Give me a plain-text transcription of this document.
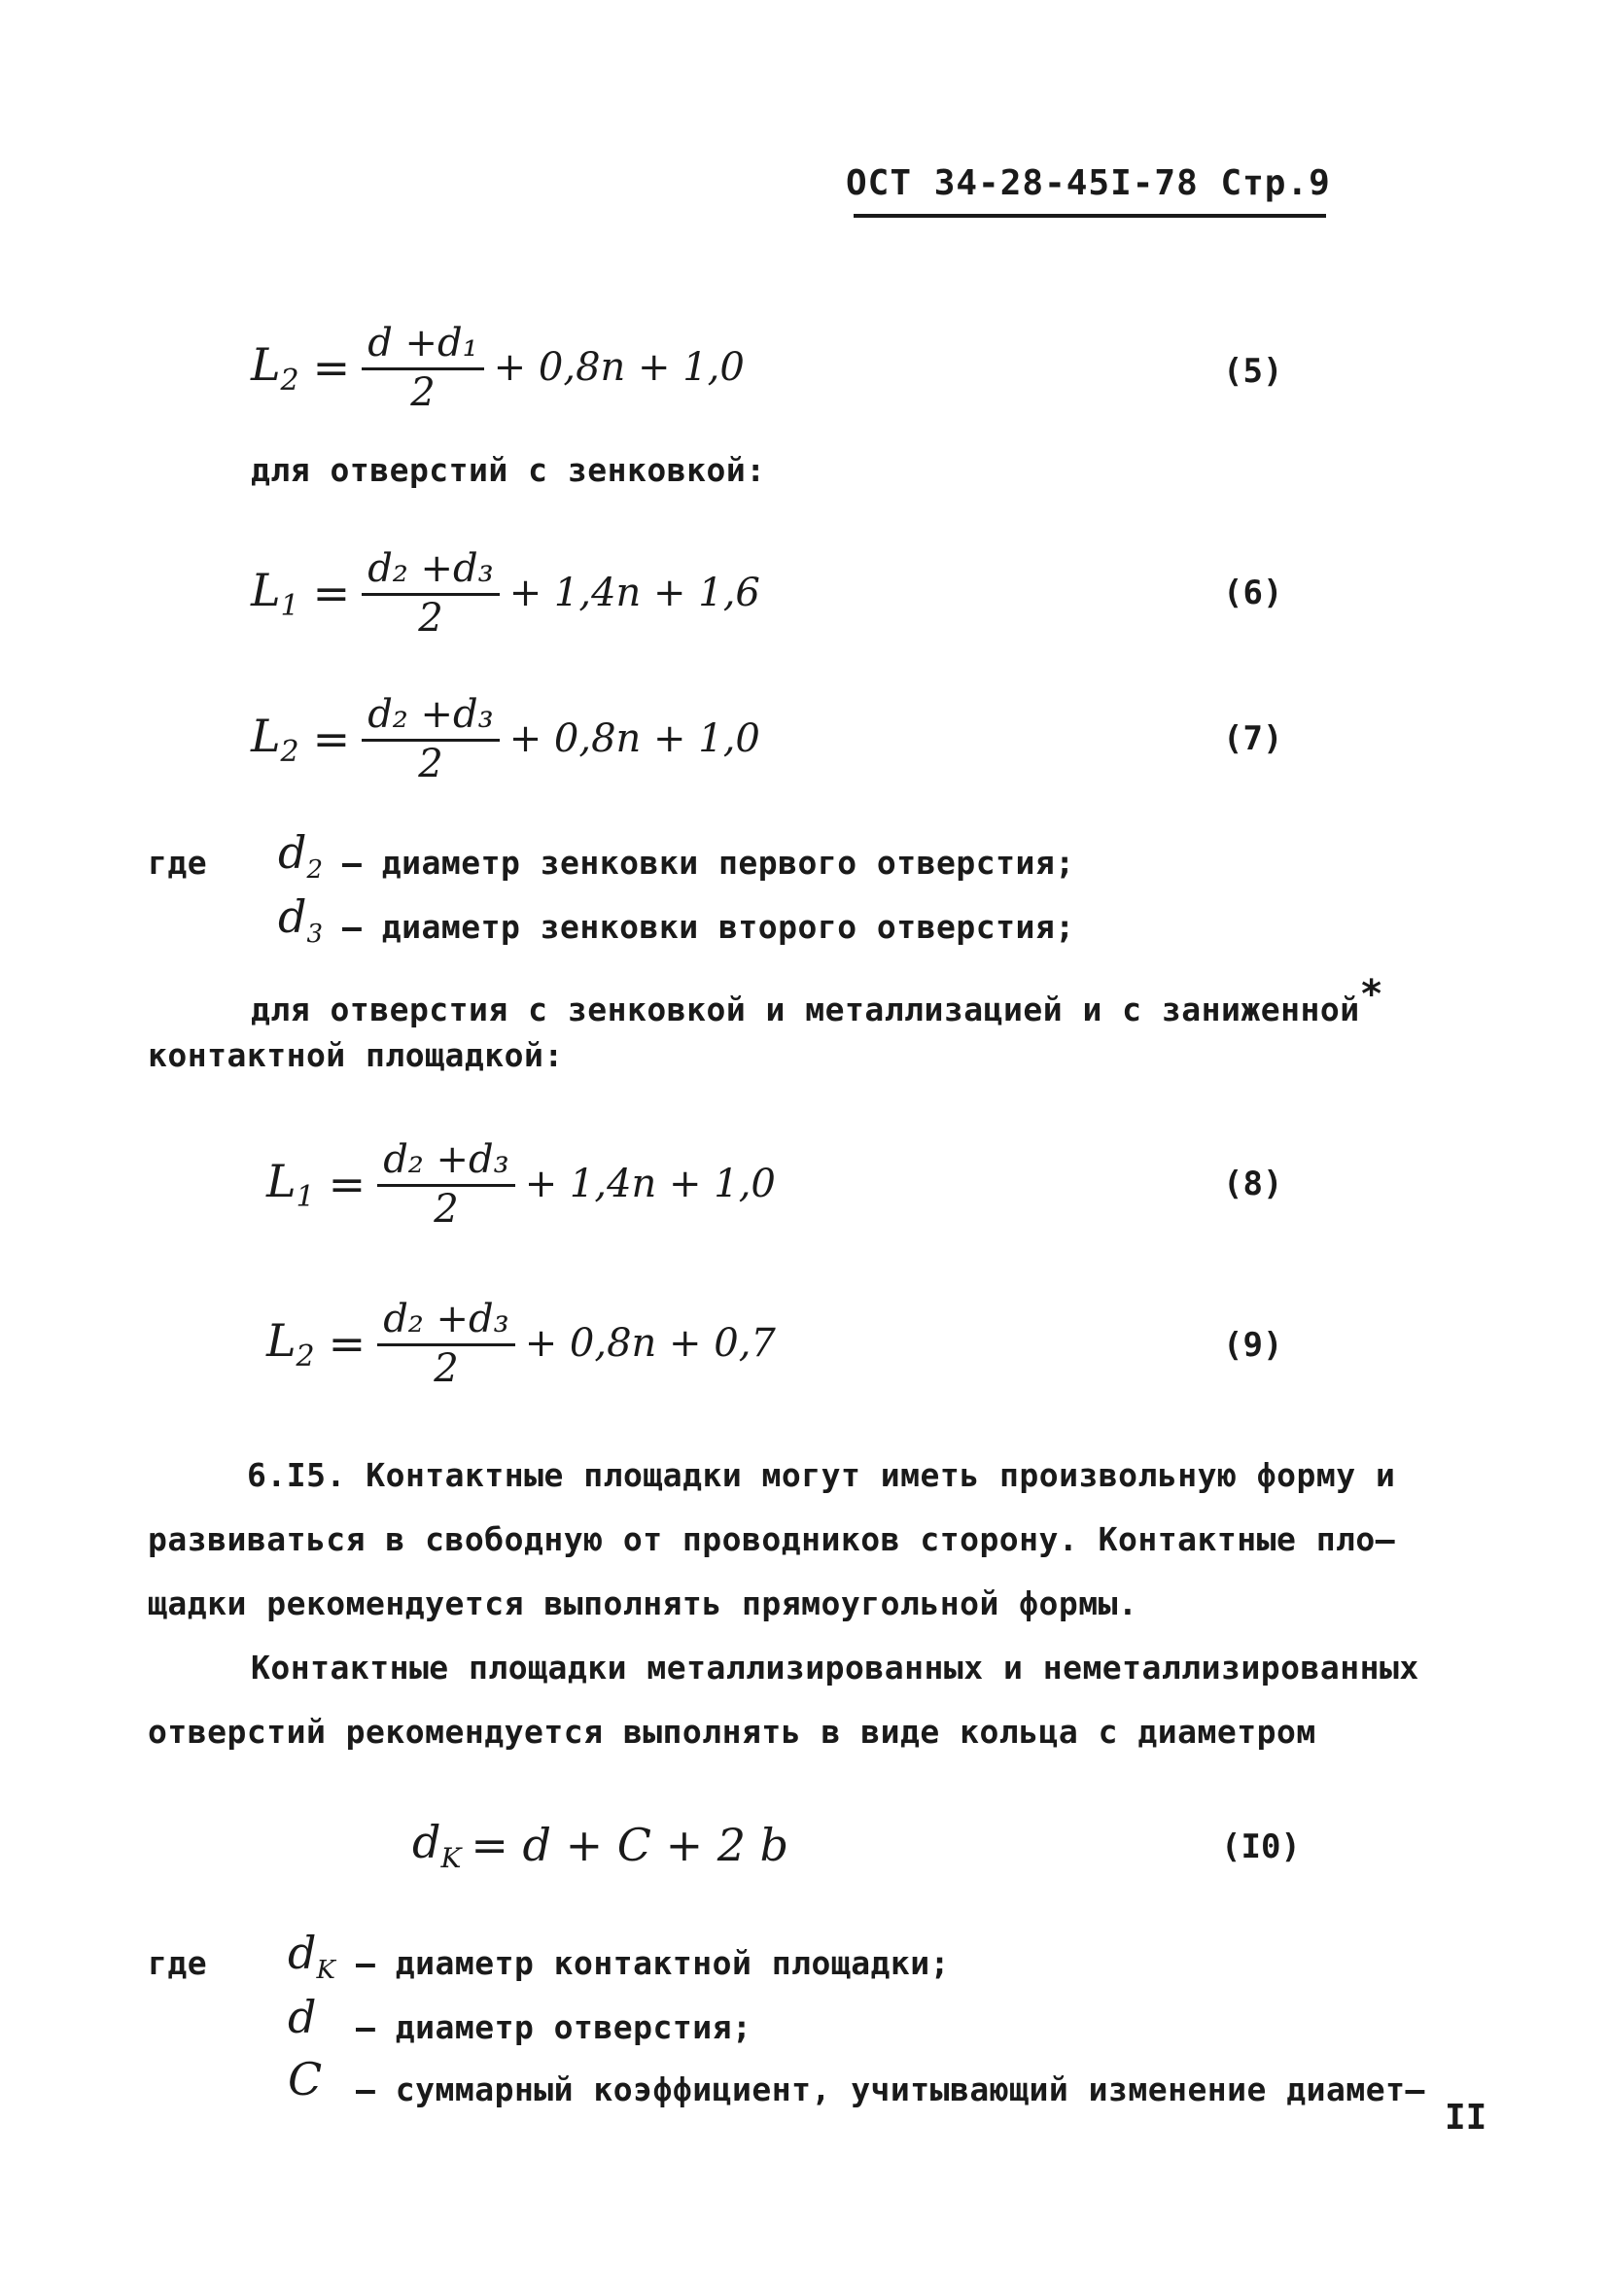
ОСТ 34-28-45I-78 Стр.9
$L_2 = \frac{\text{d +d₁}}{2} + 0,8n + 1,0$	(5)
для отверстий с зенковкой:
$L_1 = \frac{\text{d₂ +d₃}}{2} + 1,4n + 1,6$	(6)
$L_2 = \frac{\text{d₂ +d₃}}{2} + 0,8n + 1,0$	(7)
где $d_2$ – диаметр зенковки первого отверстия;
$d_3$ – диаметр зенковки второго отверстия;
для отверстия с зенковкой и металлизацией и с заниженной*
контактной площадкой:
$L_1 = \frac{\text{d₂ +d₃}}{2} + 1,4n + 1,0$	(8)
$L_2 = \frac{\text{d₂ +d₃}}{2} + 0,8n + 0,7$	(9)
6.I5. Контактные площадки могут иметь произвольную форму и
развиваться в свободную от проводников сторону. Контактные пло–
щадки рекомендуется выполнять прямоугольной формы.
Контактные площадки металлизированных и неметаллизированных
отверстий рекомендуется выполнять в виде кольца с диаметром
$d_K = d + C + 2$ b	(I0)
где $d_K$ – диаметр контактной площадки;
d – диаметр отверстия;
C – суммарный коэффициент, учитывающий изменение диамет–
II
